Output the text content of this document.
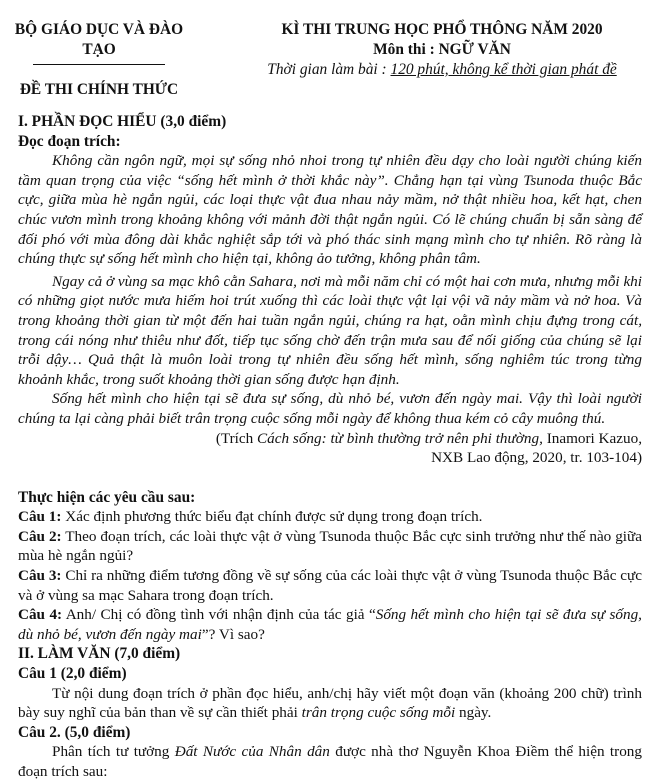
BỘ GIÁO DỤC VÀ ĐÀO TẠO
ĐỀ THI CHÍNH THỨC
KÌ THI TRUNG HỌC PHỔ THÔNG NĂM 2020
Môn thi : NGỮ VĂN
Thời gian làm bài : 120 phút, không kể thời gian phát đề
I. PHẦN ĐỌC HIỂU (3,0 điểm)
Đọc đoạn trích:

Không cần ngôn ngữ, mọi sự sống nhỏ nhoi trong tự nhiên đều dạy cho loài người chúng kiến tầm quan trọng của việc “sống hết mình ở thời khắc này”. Chẳng hạn tại vùng Tsunoda thuộc Bắc cực, giữa mùa hè ngắn ngủi, các loại thực vật đua nhau nảy mầm, nở thật nhiều hoa, kết hạt, chen chúc vươn mình trong khoảng không với mảnh đời thật ngắn ngủi. Có lẽ chúng chuẩn bị sẵn sàng để đối phó với mùa đông dài khắc nghiệt sắp tới và phó thác sinh mạng mình cho tự nhiên. Rõ ràng là chúng thực sự sống hết mình cho hiện tại, không ảo tưởng, không phân tâm.

Ngay cả ở vùng sa mạc khô cằn Sahara, nơi mà mỗi năm chỉ có một hai cơn mưa, nhưng mỗi khi có những giọt nước mưa hiếm hoi trút xuống thì các loài thực vật lại vội vã nảy mầm và nở hoa. Và trong khoảng thời gian từ một đến hai tuần ngắn ngủi, chúng ra hạt, oằn mình chịu đựng trong cát, trong cái nóng như thiêu như đốt, tiếp tục sống chờ đến trận mưa sau để nối giống của chúng sẽ lại trỗi dậy… Quả thật là muôn loài trong tự nhiên đều sống hết mình, sống nghiêm túc trong từng khoảnh khắc, trong suốt khoảng thời gian sống được hạn định.

Sống hết mình cho hiện tại sẽ đưa sự sống, dù nhỏ bé, vươn đến ngày mai. Vậy thì loài người chúng ta lại càng phải biết trân trọng cuộc sống mỗi ngày để không thua kém cỏ cây muông thú.

(Trích Cách sống: từ bình thường trở nên phi thường, Inamori Kazuo,

NXB Lao động, 2020, tr. 103-104)

Thực hiện các yêu cầu sau:

Câu 1: Xác định phương thức biểu đạt chính được sử dụng trong đoạn trích.

Câu 2: Theo đoạn trích, các loài thực vật ở vùng Tsunoda thuộc Bắc cực sinh trưởng như thế nào giữa mùa hè ngắn ngủi?

Câu 3: Chỉ ra những điểm tương đồng về sự sống của các loài thực vật ở vùng Tsunoda thuộc Bắc cực và ở vùng sa mạc Sahara trong đoạn trích.

Câu 4: Anh/ Chị có đồng tình với nhận định của tác giả “Sống hết mình cho hiện tại sẽ đưa sự sống, dù nhỏ bé, vươn đến ngày mai”? Vì sao?

II. LÀM VĂN (7,0 điểm)
Câu 1 (2,0 điểm)

Từ nội dung đoạn trích ở phần đọc hiểu, anh/chị hãy viết một đoạn văn (khoảng 200 chữ) trình bày suy nghĩ của bản than về sự cần thiết phải trân trọng cuộc sống mỗi ngày.

Câu 2. (5,0 điểm)

Phân tích tư tưởng Đất Nước của Nhân dân được nhà thơ Nguyễn Khoa Điềm thể hiện trong đoạn trích sau:
